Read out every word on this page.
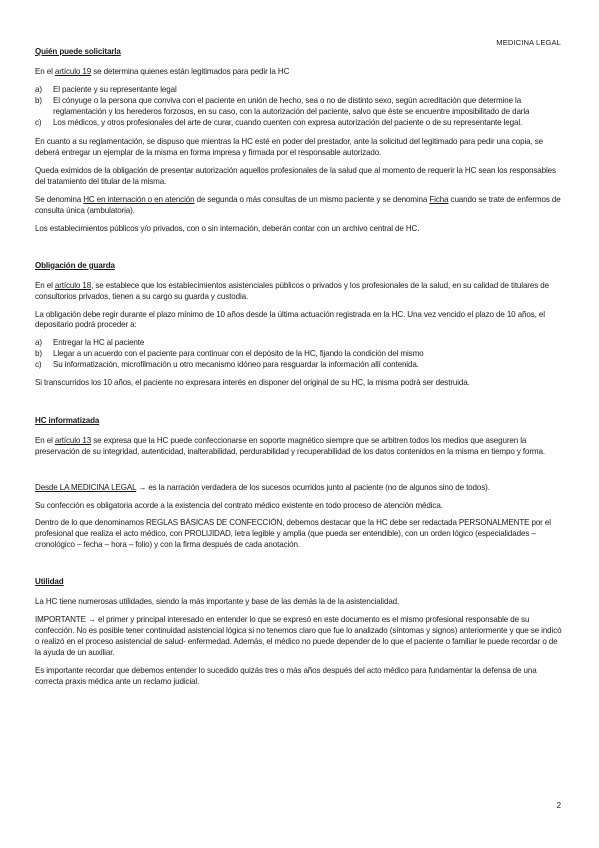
MEDICINA LEGAL

Quién puede solicitarla

En el artículo 19 se determina quienes están legitimados para pedir la HC

a) El paciente y su representante legal
b) El cónyuge o la persona que conviva con el paciente en unión de hecho, sea o no de distinto sexo, según acreditación que determine la reglamentación y los herederos forzosos, en su caso, con la autorización del paciente, salvo que éste se encuentre imposibilitado de darla
c) Los médicos, y otros profesionales del arte de curar, cuando cuenten con expresa autorización del paciente o de su representante legal.

En cuanto a su reglamentación, se dispuso que mientras la HC esté en poder del prestador, ante la solicitud del legitimado para pedir una copia, se deberá entregar un ejemplar de la misma en forma impresa y firmada por el responsable autorizado.

Queda eximidos de la obligación de presentar autorización aquellos profesionales de la salud que al momento de requerir la HC sean los responsables del tratamiento del titular de la misma.

Se denomina HC en internación o en atención de segunda o más consultas de un mismo paciente y se denomina Ficha cuando se trate de enfermos de consulta única (ambulatoria).

Los establecimientos públicos y/o privados, con o sin internación, deberán contar con un archivo central de HC.

Obligación de guarda

En el artículo 18, se establece que los establecimientos asistenciales públicos o privados y los profesionales de la salud, en su calidad de titulares de consultorios privados, tienen a su cargo su guarda y custodia.

La obligación debe regir durante el plazo mínimo de 10 años desde la última actuación registrada en la HC. Una vez vencido el plazo de 10 años, el depositario podrá proceder a:

a) Entregar la HC al paciente
b) Llegar a un acuerdo con el paciente para continuar con el depósito de la HC, fijando la condición del mismo
c) Su informatización, microfilmación u otro mecanismo idóneo para resguardar la información allí contenida.

Si transcurridos los 10 años, el paciente no expresara interés en disponer del original de su HC, la misma podrá ser destruida.

HC informatizada

En el artículo 13 se expresa que la HC puede confeccionarse en soporte magnético siempre que se arbitren todos los medios que aseguren la preservación de su integridad, autenticidad, inalterabilidad, perdurabilidad y recuperabilidad de los datos contenidos en la misma en tiempo y forma.

Desde LA MEDICINA LEGAL → es la narración verdadera de los sucesos ocurridos junto al paciente (no de algunos sino de todos).

Su confección es obligatoria acorde a la existencia del contrato médico existente en todo proceso de atención médica.

Dentro de lo que denominamos REGLAS BÁSICAS DE CONFECCIÓN, debemos destacar que la HC debe ser redactada PERSONALMENTE por el profesional que realiza el acto médico, con PROLIJIDAD, letra legible y amplia (que pueda ser entendible), con un orden lógico (especialidades – cronológico – fecha – hora – folio) y con la firma después de cada anotación.

Utilidad

La HC tiene numerosas utilidades, siendo la más importante y base de las demás la de la asistencialidad.

IMPORTANTE → el primer y principal interesado en entender lo que se expresó en este documento es el mismo profesional responsable de su confección. No es posible tener continuidad asistencial lógica si no tenemos claro que fue lo analizado (síntomas y signos) anteriormente y que se indicó o realizó en el proceso asistencial de salud- enfermedad. Además, el médico no puede depender de lo que el paciente o familiar le puede recordar o de la ayuda de un auxiliar.

Es importante recordar que debemos entender lo sucedido quizás tres o más años después del acto médico para fundamentar la defensa de una correcta praxis médica ante un reclamo judicial.

2
